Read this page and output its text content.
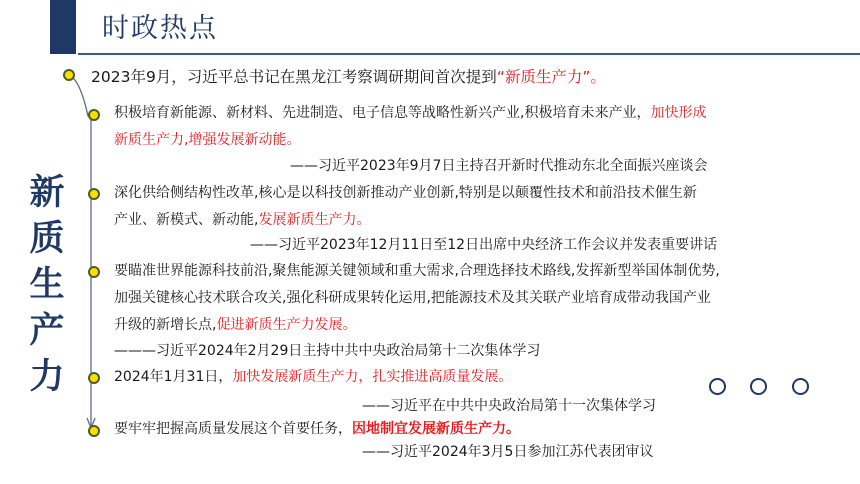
时政热点
新
质
生
产
力
2023年9月，习近平总书记在黑龙江考察调研期间首次提到“新质生产力”。
积极培育新能源、新材料、先进制造、电子信息等战略性新兴产业,积极培育未来产业，加快形成
新质生产力,增强发展新动能。
——习近平2023年9月7日主持召开新时代推动东北全面振兴座谈会
深化供给侧结构性改革,核心是以科技创新推动产业创新,特别是以颠覆性技术和前沿技术催生新
产业、新模式、新动能,发展新质生产力。
——习近平2023年12月11日至12日出席中央经济工作会议并发表重要讲话
要瞄准世界能源科技前沿,聚焦能源关键领域和重大需求,合理选择技术路线,发挥新型举国体制优势,
加强关键核心技术联合攻关,强化科研成果转化运用,把能源技术及其关联产业培育成带动我国产业
升级的新增长点,促进新质生产力发展。
———习近平2024年2月29日主持中共中央政治局第十二次集体学习
2024年1月31日，加快发展新质生产力，扎实推进高质量发展。
——习近平在中共中央政治局第十一次集体学习
要牢牢把握高质量发展这个首要任务，因地制宜发展新质生产力。
——习近平2024年3月5日参加江苏代表团审议
